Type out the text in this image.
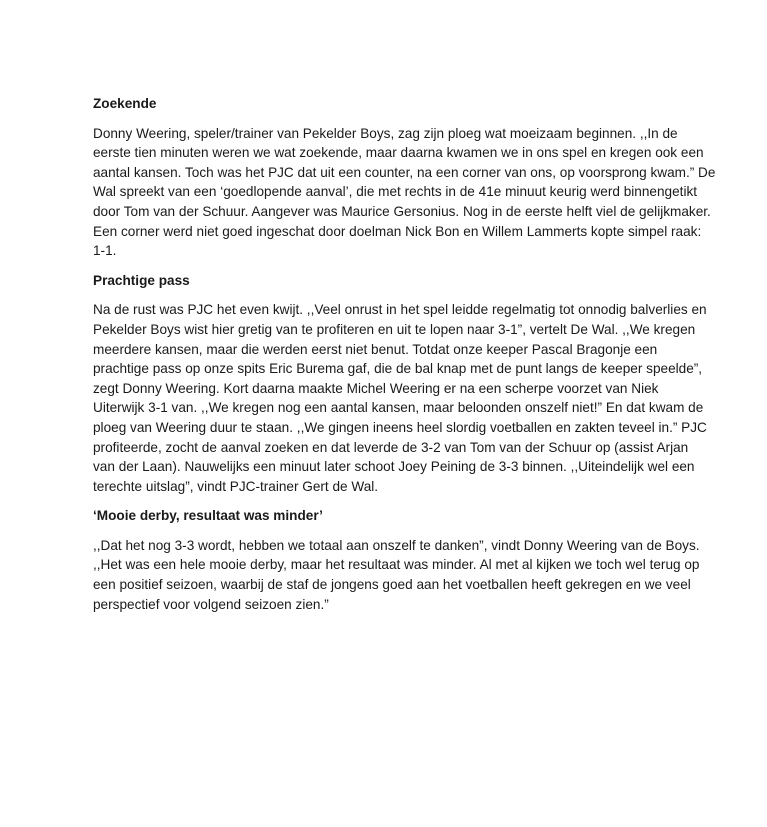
Zoekende

Donny Weering, speler/trainer van Pekelder Boys, zag zijn ploeg wat moeizaam beginnen. ,,In de
eerste tien minuten weren we wat zoekende, maar daarna kwamen we in ons spel en kregen ook een
aantal kansen. Toch was het PJC dat uit een counter, na een corner van ons, op voorsprong kwam.” De
Wal spreekt van een ‘goedlopende aanval’, die met rechts in de 41e minuut keurig werd binnengetikt
door Tom van der Schuur. Aangever was Maurice Gersonius. Nog in de eerste helft viel de gelijkmaker.
Een corner werd niet goed ingeschat door doelman Nick Bon en Willem Lammerts kopte simpel raak:
1-1.

Prachtige pass

Na de rust was PJC het even kwijt. ,,Veel onrust in het spel leidde regelmatig tot onnodig balverlies en
Pekelder Boys wist hier gretig van te profiteren en uit te lopen naar 3-1”, vertelt De Wal. ,,We kregen
meerdere kansen, maar die werden eerst niet benut. Totdat onze keeper Pascal Bragonje een
prachtige pass op onze spits Eric Burema gaf, die de bal knap met de punt langs de keeper speelde”,
zegt Donny Weering. Kort daarna maakte Michel Weering er na een scherpe voorzet van Niek
Uiterwijk 3-1 van. ,,We kregen nog een aantal kansen, maar beloonden onszelf niet!” En dat kwam de
ploeg van Weering duur te staan. ,,We gingen ineens heel slordig voetballen en zakten teveel in.” PJC
profiteerde, zocht de aanval zoeken en dat leverde de 3-2 van Tom van der Schuur op (assist Arjan
van der Laan). Nauwelijks een minuut later schoot Joey Peining de 3-3 binnen. ,,Uiteindelijk wel een
terechte uitslag”, vindt PJC-trainer Gert de Wal.

‘Mooie derby, resultaat was minder’

,,Dat het nog 3-3 wordt, hebben we totaal aan onszelf te danken”, vindt Donny Weering van de Boys.
,,Het was een hele mooie derby, maar het resultaat was minder. Al met al kijken we toch wel terug op
een positief seizoen, waarbij de staf de jongens goed aan het voetballen heeft gekregen en we veel
perspectief voor volgend seizoen zien.”
